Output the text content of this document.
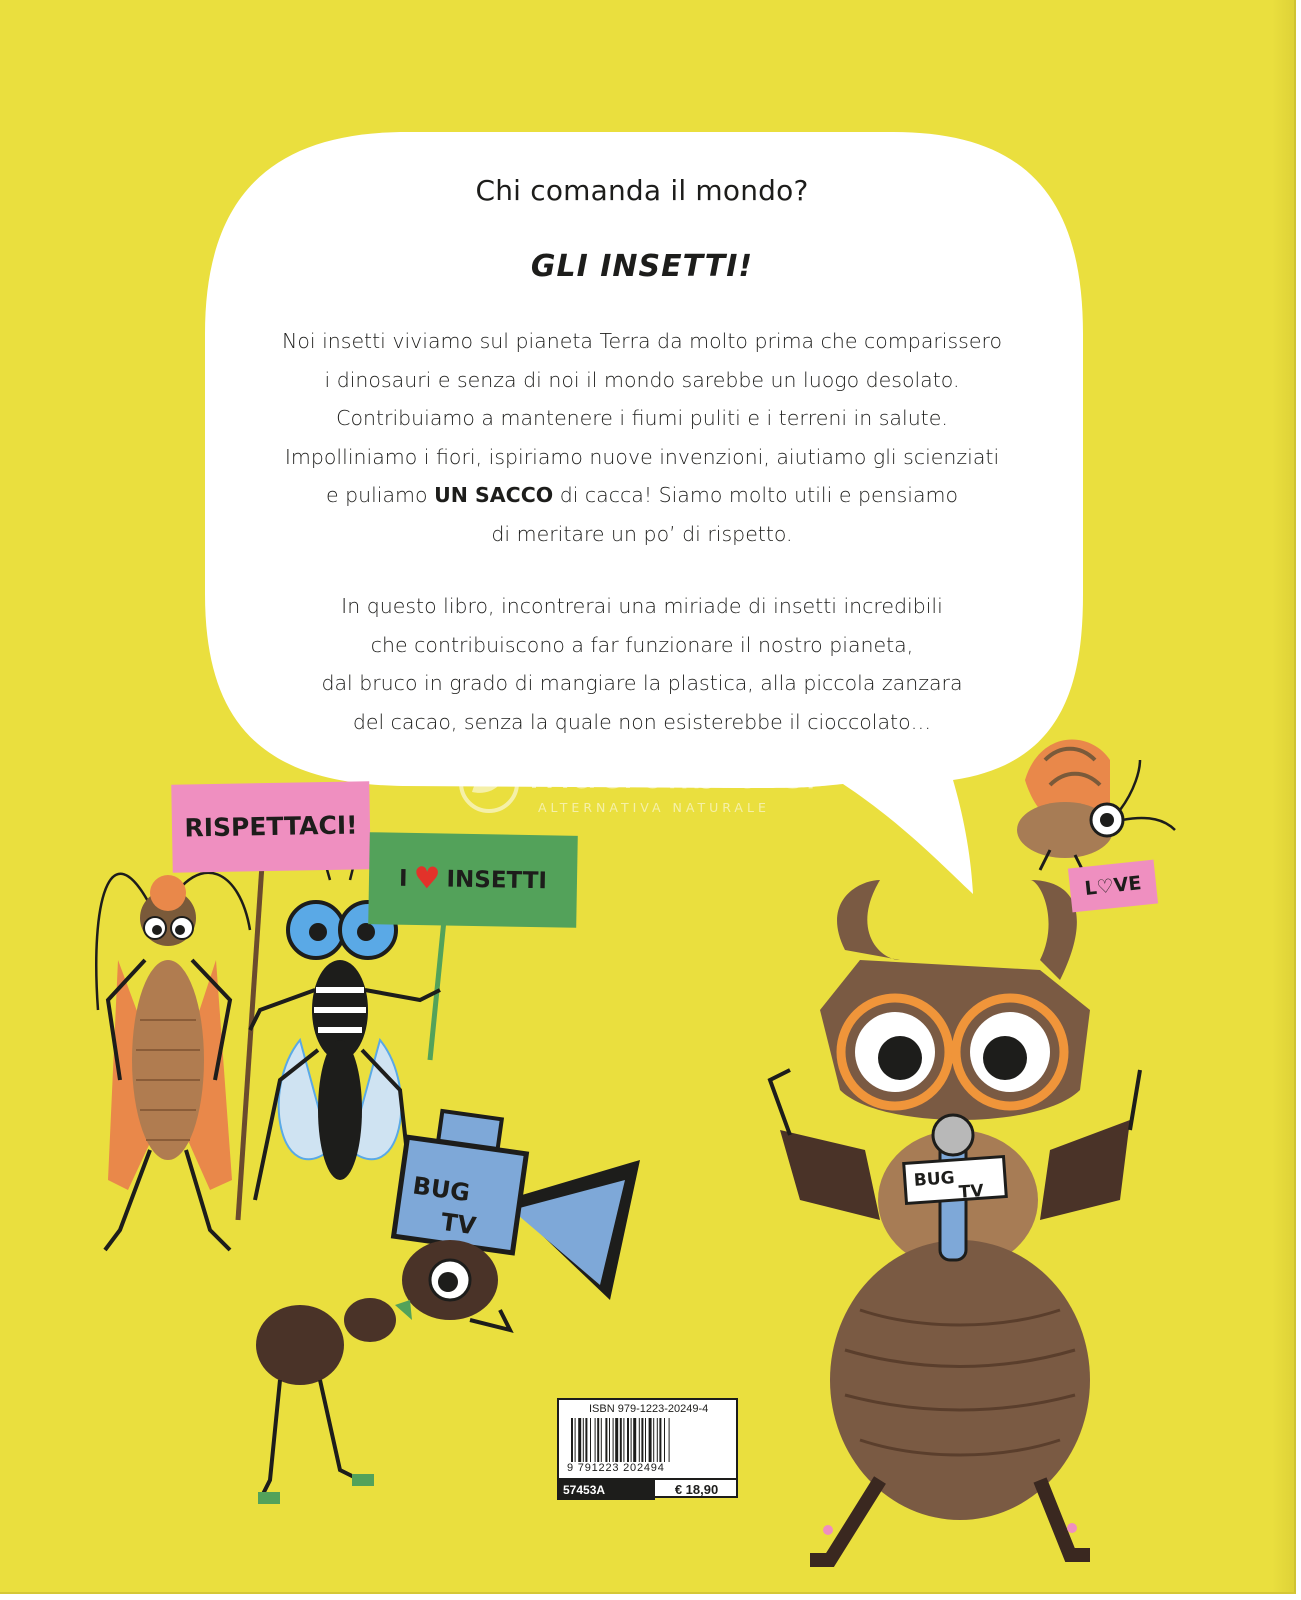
Chi comanda il mondo?

GLI INSETTI!

Noi insetti viviamo sul pianeta Terra da molto prima che comparissero
i dinosauri e senza di noi il mondo sarebbe un luogo desolato.
Contribuiamo a mantenere i fiumi puliti e i terreni in salute.
Impolliniamo i fiori, ispiriamo nuove invenzioni, aiutiamo gli scienziati
e puliamo UN SACCO di cacca! Siamo molto utili e pensiamo
di meritare un po’ di rispetto.

In questo libro, incontrerai una miriade di insetti incredibili
che contribuiscono a far funzionare il nostro pianeta,
dal bruco in grado di mangiare la plastica, alla piccola zanzara
del cacao, senza la quale non esisterebbe il cioccolato…

BUG
TV
BUG
TV
RISPETTACI!
I ♥ INSETTI	L♡VE
macrolibrarsi
ALTERNATIVA NATURALE
ISBN 979-1223-20249-4
9 791223 202494
57453A	€ 18,90
